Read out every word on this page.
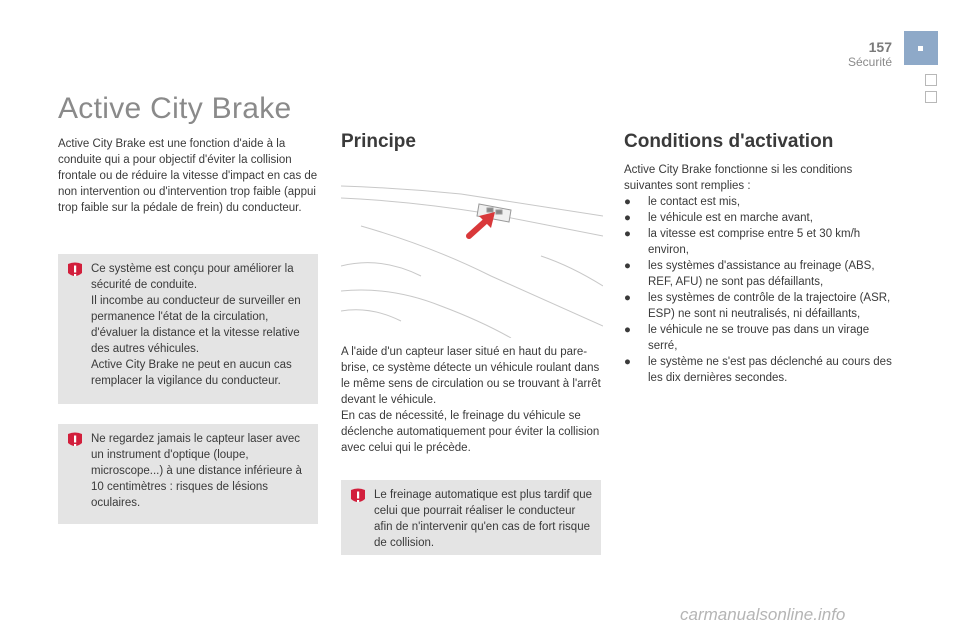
157
Sécurité
Active City Brake
Principe	Conditions d'activation

Active City Brake est une fonction d'aide à la conduite qui a pour objectif d'éviter la collision frontale ou de réduire la vitesse d'impact en cas de non intervention ou d'intervention trop faible (appui trop faible sur la pédale de frein) du conducteur.

Ce système est conçu pour améliorer la sécurité de conduite.
Il incombe au conducteur de surveiller en permanence l'état de la circulation, d'évaluer la distance et la vitesse relative des autres véhicules.
Active City Brake ne peut en aucun cas remplacer la vigilance du conducteur.

Ne regardez jamais le capteur laser avec un instrument d'optique (loupe, microscope...) à une distance inférieure à 10 centimètres : risques de lésions oculaires.

A l'aide d'un capteur laser situé en haut du pare-brise, ce système détecte un véhicule roulant dans le même sens de circulation ou se trouvant à l'arrêt devant le véhicule.
En cas de nécessité, le freinage du véhicule se déclenche automatiquement pour éviter la collision avec celui qui le précède.

Le freinage automatique est plus tardif que celui que pourrait réaliser le conducteur afin de n'intervenir qu'en cas de fort risque de collision.

Active City Brake fonctionne si les conditions suivantes sont remplies :

● le contact est mis,
● le véhicule est en marche avant,
● la vitesse est comprise entre 5 et 30 km/h environ,
● les systèmes d'assistance au freinage (ABS, REF, AFU) ne sont pas défaillants,
● les systèmes de contrôle de la trajectoire (ASR, ESP) ne sont ni neutralisés, ni défaillants,
● le véhicule ne se trouve pas dans un virage serré,
● le système ne s'est pas déclenché au cours des les dix dernières secondes.
carmanualsonline.info
